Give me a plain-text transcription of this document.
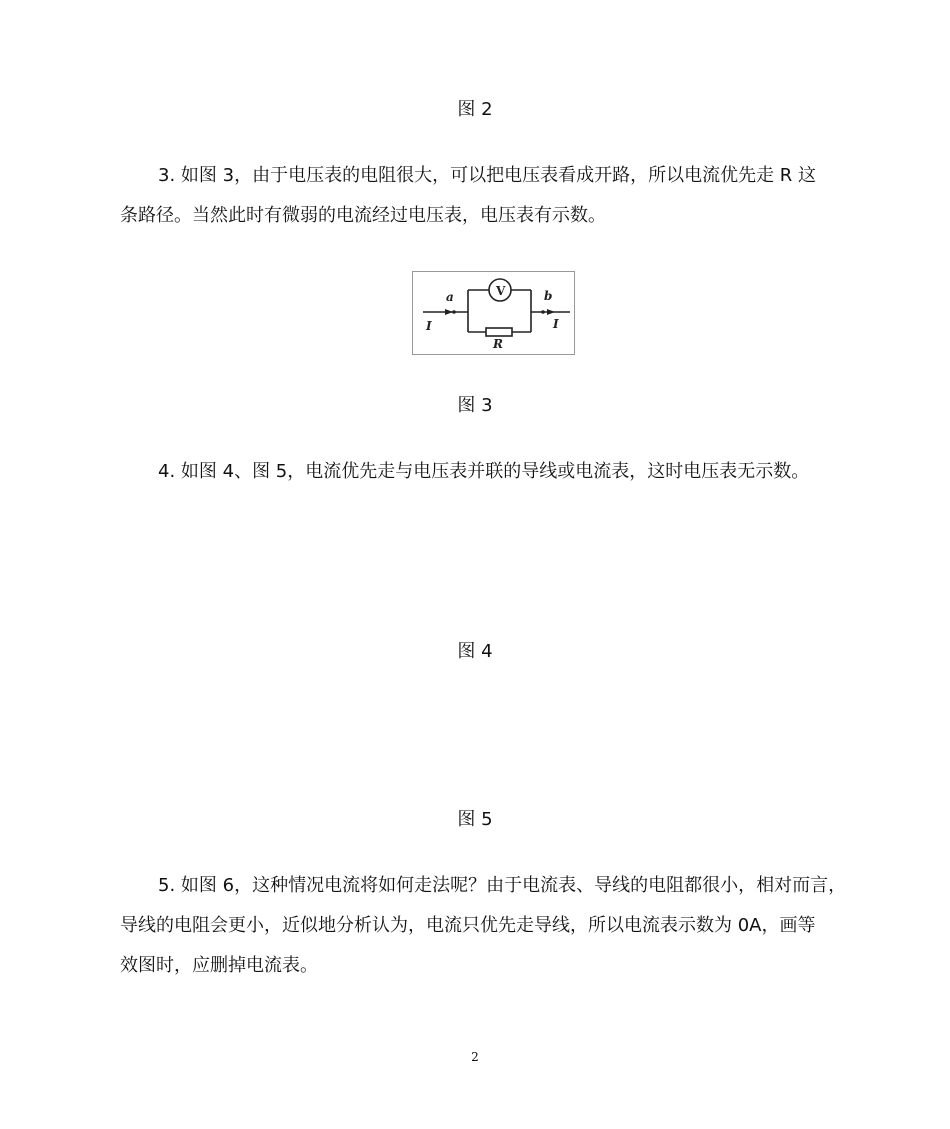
图 2
3. 如图 3，由于电压表的电阻很大，可以把电压表看成开路，所以电流优先走 R 这
条路径。当然此时有微弱的电流经过电压表，电压表有示数。
a	b
V
I	I
R
图 3
4. 如图 4、图 5，电流优先走与电压表并联的导线或电流表，这时电压表无示数。
图 4
图 5
5. 如图 6，这种情况电流将如何走法呢？由于电流表、导线的电阻都很小，相对而言，
导线的电阻会更小，近似地分析认为，电流只优先走导线，所以电流表示数为 0A，画等
效图时，应删掉电流表。
2
